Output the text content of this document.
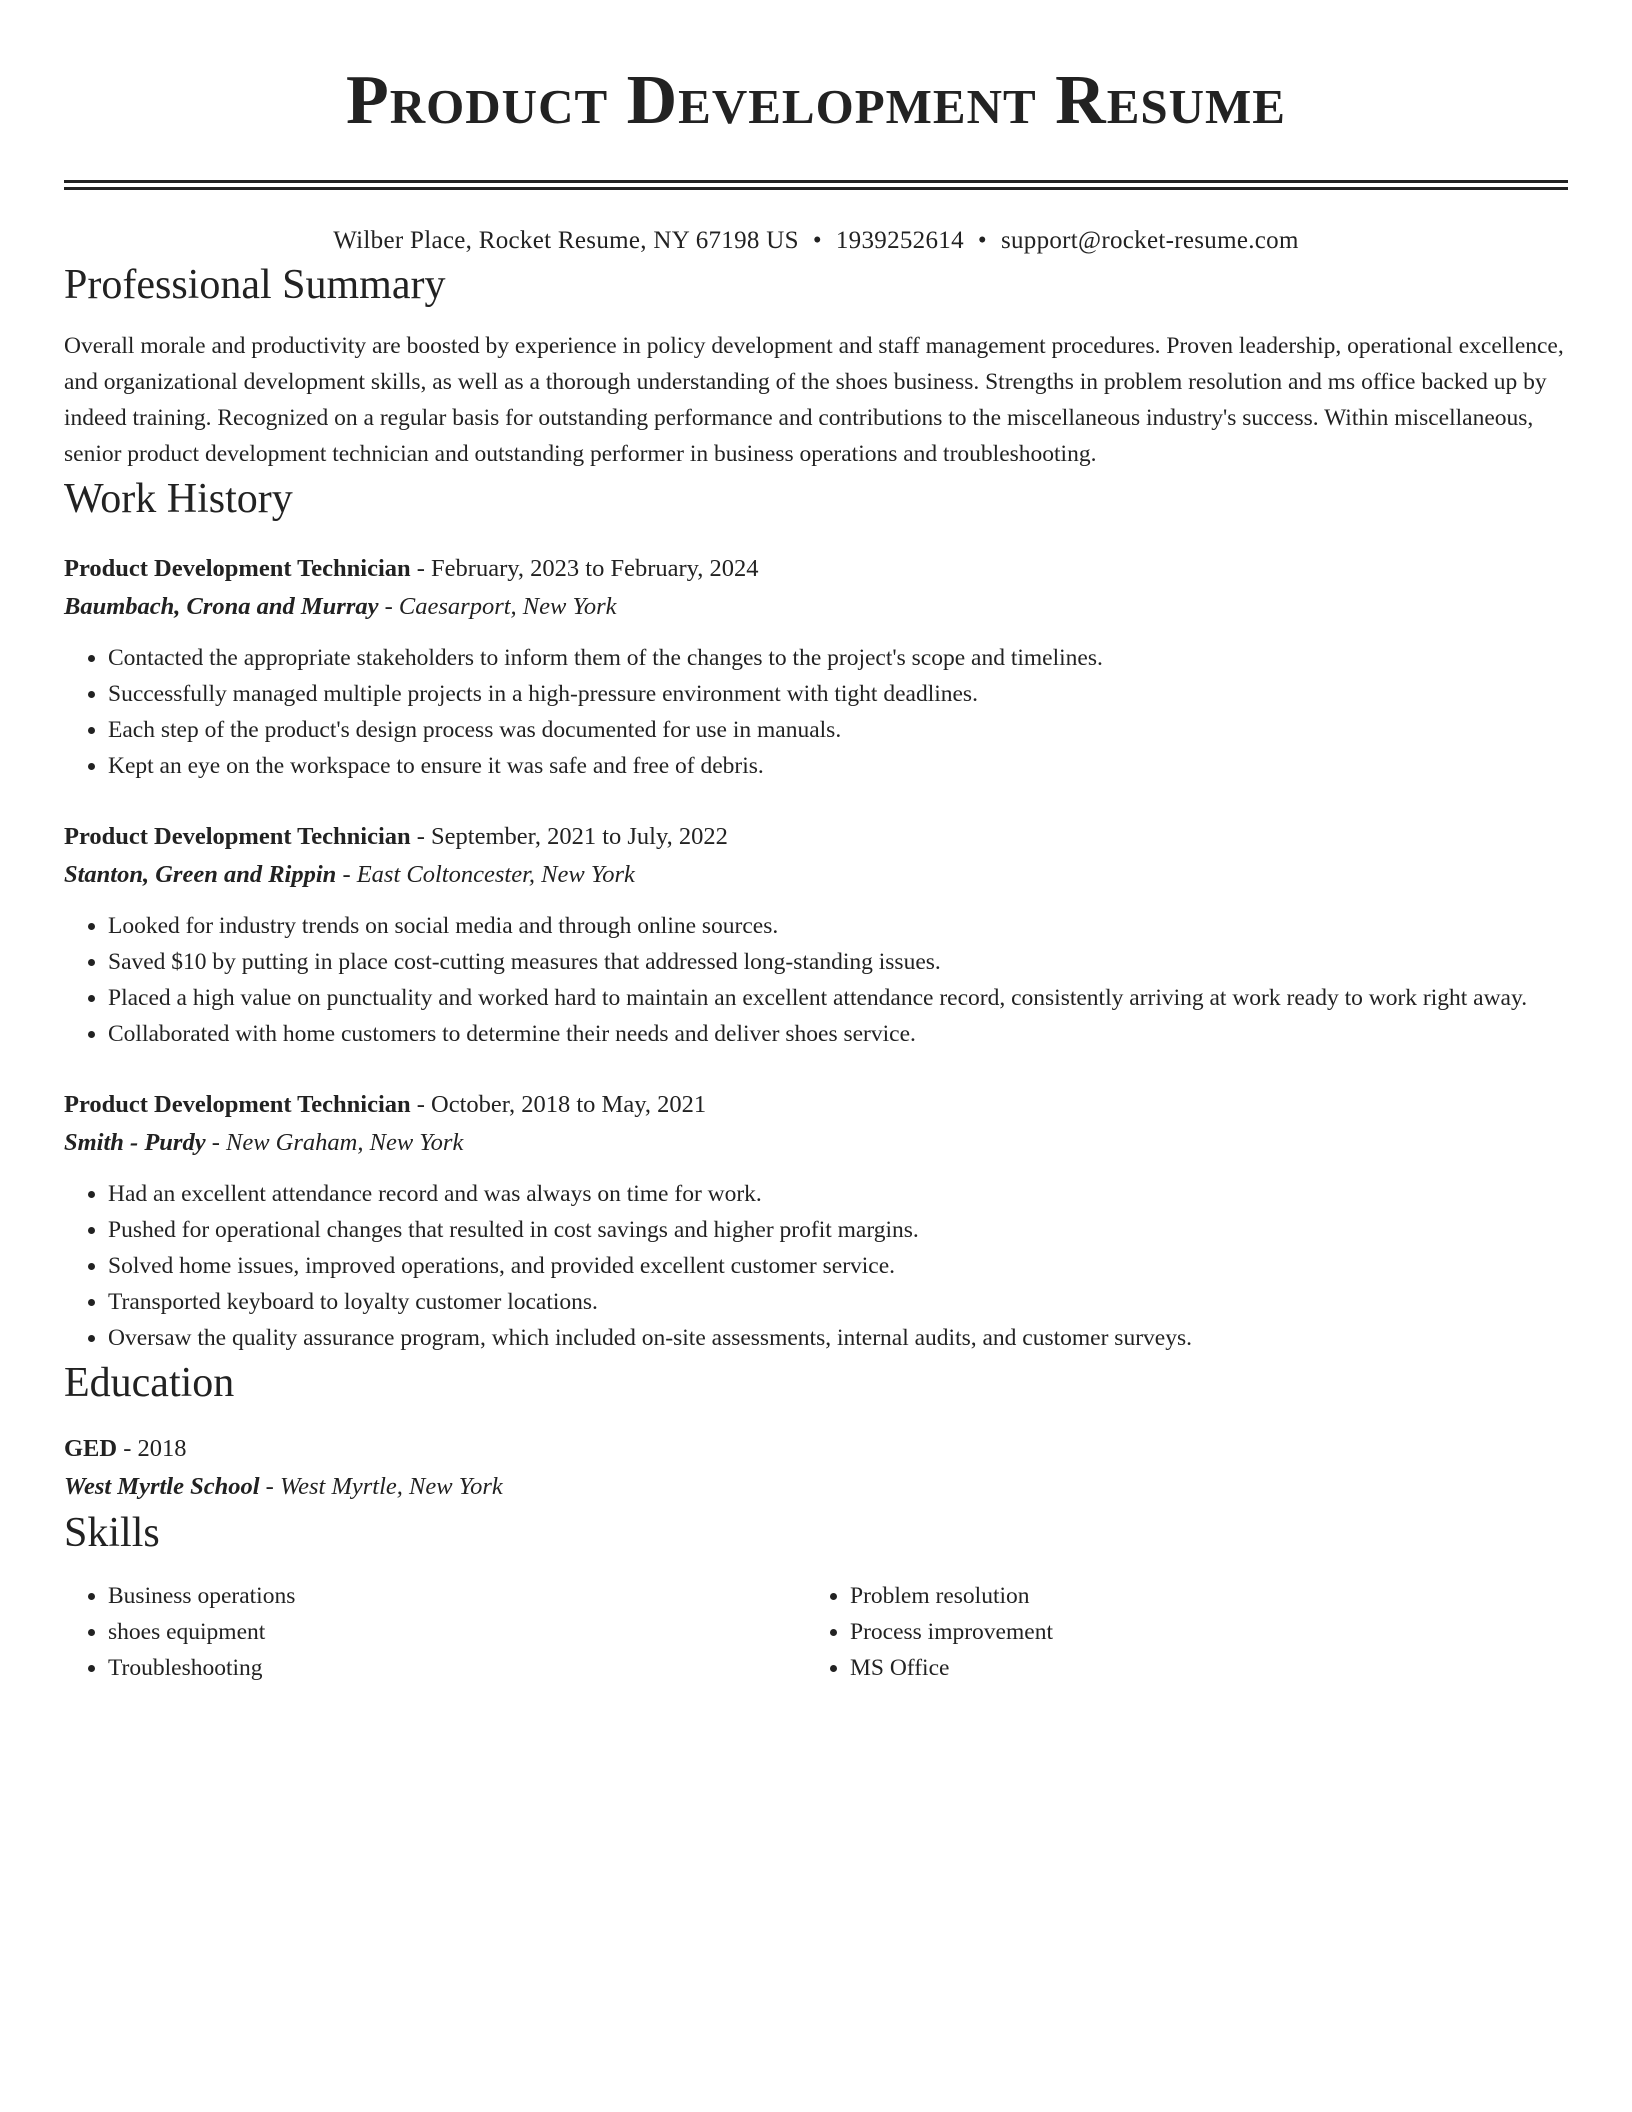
Product Development Resume
Wilber Place, Rocket Resume, NY 67198 US • 1939252614 • support@rocket-resume.com
Professional Summary
Overall morale and productivity are boosted by experience in policy development and staff management procedures. Proven leadership, operational excellence, and organizational development skills, as well as a thorough understanding of the shoes business. Strengths in problem resolution and ms office backed up by indeed training. Recognized on a regular basis for outstanding performance and contributions to the miscellaneous industry's success. Within miscellaneous, senior product development technician and outstanding performer in business operations and troubleshooting.
Work History
Product Development Technician - February, 2023 to February, 2024
Baumbach, Crona and Murray - Caesarport, New York
• Contacted the appropriate stakeholders to inform them of the changes to the project's scope and timelines.
• Successfully managed multiple projects in a high-pressure environment with tight deadlines.
• Each step of the product's design process was documented for use in manuals.
• Kept an eye on the workspace to ensure it was safe and free of debris.
Product Development Technician - September, 2021 to July, 2022
Stanton, Green and Rippin - East Coltoncester, New York
• Looked for industry trends on social media and through online sources.
• Saved $10 by putting in place cost-cutting measures that addressed long-standing issues.
• Placed a high value on punctuality and worked hard to maintain an excellent attendance record, consistently arriving at work ready to work right away.
• Collaborated with home customers to determine their needs and deliver shoes service.
Product Development Technician - October, 2018 to May, 2021
Smith - Purdy - New Graham, New York
• Had an excellent attendance record and was always on time for work.
• Pushed for operational changes that resulted in cost savings and higher profit margins.
• Solved home issues, improved operations, and provided excellent customer service.
• Transported keyboard to loyalty customer locations.
• Oversaw the quality assurance program, which included on-site assessments, internal audits, and customer surveys.
Education
GED - 2018
West Myrtle School - West Myrtle, New York
Skills
• Business operations
• shoes equipment
• Troubleshooting
• Problem resolution
• Process improvement
• MS Office
